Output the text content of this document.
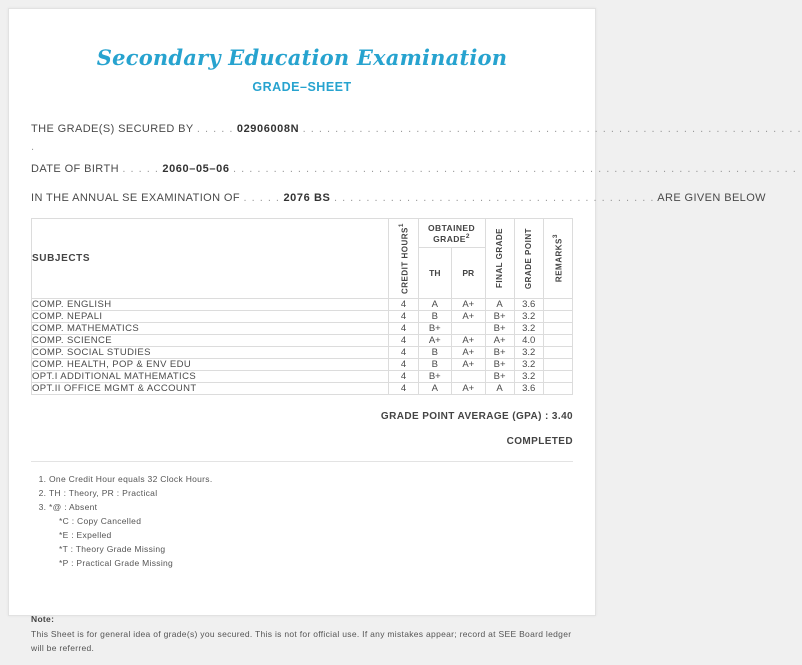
Secondary Education Examination
GRADE–SHEET
THE GRADE(S) SECURED BY . . . . . 02906008N . . . . . . . . . . . . . . . . . . . . . . . . . . . . . . . . . . . . . . . . . . . . . . . . . . . . . . . . . . . . . .
.
DATE OF BIRTH . . . . . 2060–05–06 . . . . . . . . . . . . . . . . . . . . . . . . . . . . . . . . . . . . . . . . . . . . . . . . . . . . . . . . . . . . . . . . . . . . . .
IN THE ANNUAL SE EXAMINATION OF . . . . . 2076 BS . . . . . . . . . . . . . . . . . . . . . . . . . . . . . . . . . . . . . . . . ARE GIVEN BELOW
SUBJECTS	CREDIT HOURS$^1$	OBTAINED GRADE$^2$		FINAL GRADE	GRADE POINT	REMARKS$^3$

		TH	PR			
COMP. ENGLISH	4	A	A+	A	3.6	
COMP. NEPALI	4	B	A+	B+	3.2	
COMP. MATHEMATICS	4	B+		B+	3.2	
COMP. SCIENCE	4	A+	A+	A+	4.0	
COMP. SOCIAL STUDIES	4	B	A+	B+	3.2	
COMP. HEALTH, POP & ENV EDU	4	B	A+	B+	3.2	
OPT.I ADDITIONAL MATHEMATICS	4	B+		B+	3.2	
OPT.II OFFICE MGMT & ACCOUNT	4	A	A+	A	3.6	
GRADE POINT AVERAGE (GPA) : 3.40
COMPLETED
1. One Credit Hour equals 32 Clock Hours.
2. TH : Theory, PR : Practical
3. *@ : Absent
*C : Copy Cancelled
*E : Expelled
*T : Theory Grade Missing
*P : Practical Grade Missing
Note:
This Sheet is for general idea of grade(s) you secured. This is not for official use. If any mistakes appear; record at SEE Board ledger will be referred.
